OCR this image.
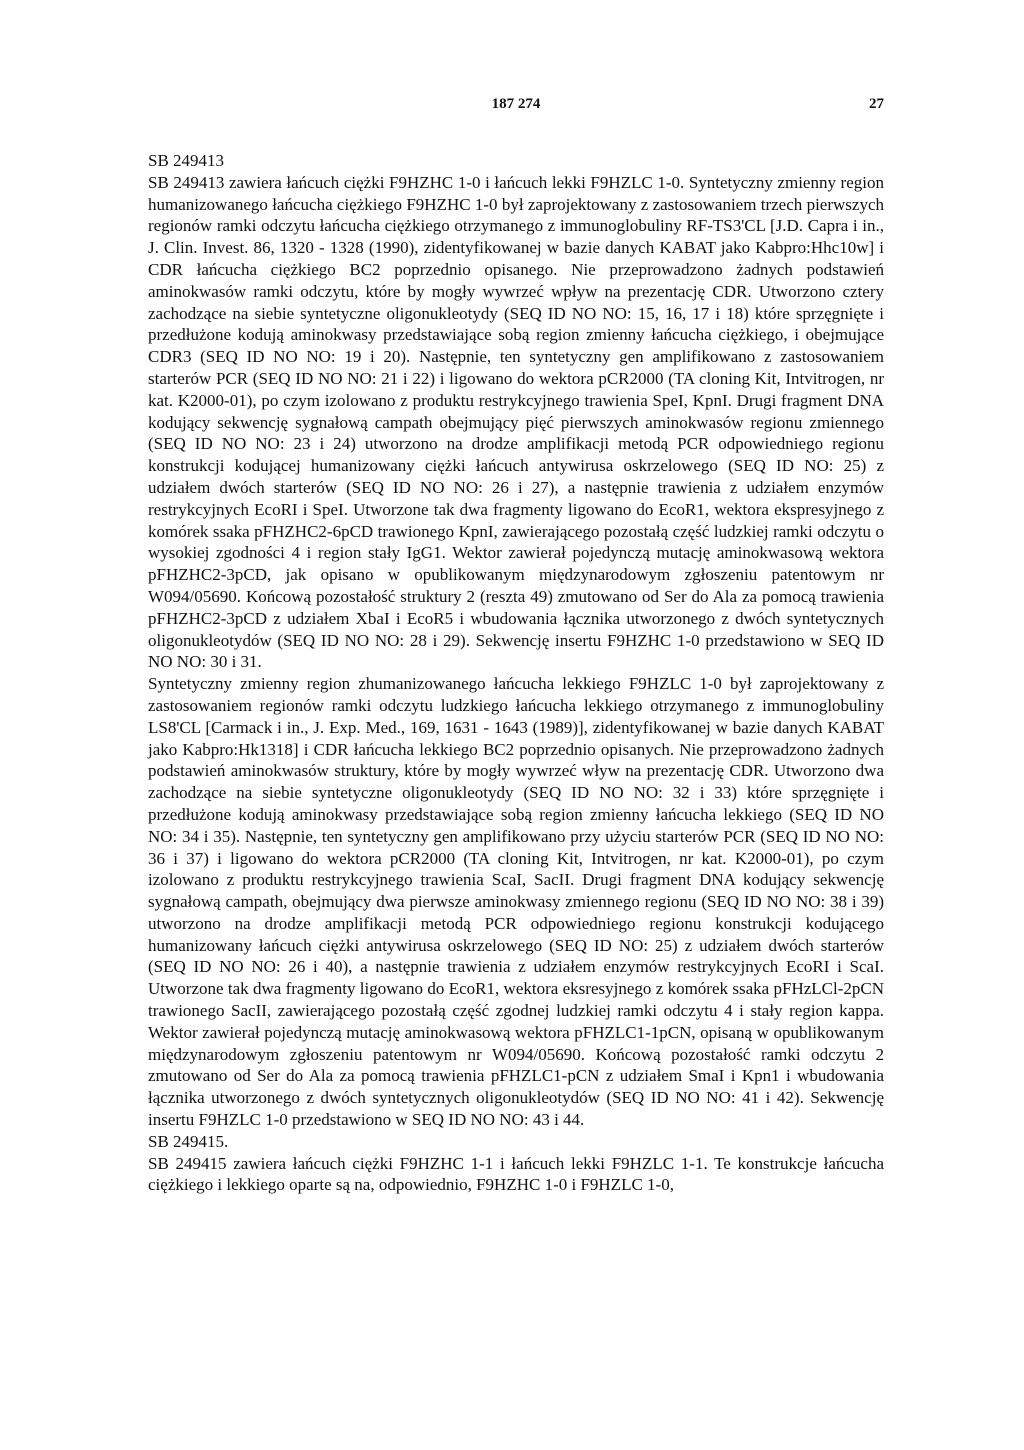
187 274	27

SB 249413

SB 249413 zawiera łańcuch ciężki F9HZHC 1-0 i łańcuch lekki F9HZLC 1-0. Syntetyczny zmienny region humanizowanego łańcucha ciężkiego F9HZHC 1-0 był zaprojektowany z zastosowaniem trzech pierwszych regionów ramki odczytu łańcucha ciężkiego otrzymanego z immunoglobuliny RF-TS3'CL [J.D. Capra i in., J. Clin. Invest. 86, 1320 - 1328 (1990), zidentyfikowanej w bazie danych KABAT jako Kabpro:Hhc10w] i CDR łańcucha ciężkiego BC2 poprzednio opisanego. Nie przeprowadzono żadnych podstawień aminokwasów ramki odczytu, które by mogły wywrzeć wpływ na prezentację CDR. Utworzono cztery zachodzące na siebie syntetyczne oligonukleotydy (SEQ ID NO NO: 15, 16, 17 i 18) które sprzęgnięte i przedłużone kodują aminokwasy przedstawiające sobą region zmienny łańcucha ciężkiego, i obejmujące CDR3 (SEQ ID NO NO: 19 i 20). Następnie, ten syntetyczny gen amplifikowano z zastosowaniem starterów PCR (SEQ ID NO NO: 21 i 22) i ligowano do wektora pCR2000 (TA cloning Kit, Intvitrogen, nr kat. K2000-01), po czym izolowano z produktu restrykcyjnego trawienia SpeI, KpnI. Drugi fragment DNA kodujący sekwencję sygnałową campath obejmujący pięć pierwszych aminokwasów regionu zmiennego (SEQ ID NO NO: 23 i 24) utworzono na drodze amplifikacji metodą PCR odpowiedniego regionu konstrukcji kodującej humanizowany ciężki łańcuch antywirusa oskrzelowego (SEQ ID NO: 25) z udziałem dwóch starterów (SEQ ID NO NO: 26 i 27), a następnie trawienia z udziałem enzymów restrykcyjnych EcoRI i SpeI. Utworzone tak dwa fragmenty ligowano do EcoR1, wektora ekspresyjnego z komórek ssaka pFHZHC2-6pCD trawionego KpnI, zawierającego pozostałą część ludzkiej ramki odczytu o wysokiej zgodności 4 i region stały IgG1. Wektor zawierał pojedynczą mutację aminokwasową wektora pFHZHC2-3pCD, jak opisano w opublikowanym międzynarodowym zgłoszeniu patentowym nr W094/05690. Końcową pozostałość struktury 2 (reszta 49) zmutowano od Ser do Ala za pomocą trawienia pFHZHC2-3pCD z udziałem XbaI i EcoR5 i wbudowania łącznika utworzonego z dwóch syntetycznych oligonukleotydów (SEQ ID NO NO: 28 i 29). Sekwencję insertu F9HZHC 1-0 przedstawiono w SEQ ID NO NO: 30 i 31.

Syntetyczny zmienny region zhumanizowanego łańcucha lekkiego F9HZLC 1-0 był zaprojektowany z zastosowaniem regionów ramki odczytu ludzkiego łańcucha lekkiego otrzymanego z immunoglobuliny LS8'CL [Carmack i in., J. Exp. Med., 169, 1631 - 1643 (1989)], zidentyfikowanej w bazie danych KABAT jako Kabpro:Hk1318] i CDR łańcucha lekkiego BC2 poprzednio opisanych. Nie przeprowadzono żadnych podstawień aminokwasów struktury, które by mogły wywrzeć wływ na prezentację CDR. Utworzono dwa zachodzące na siebie syntetyczne oligonukleotydy (SEQ ID NO NO: 32 i 33) które sprzęgnięte i przedłużone kodują aminokwasy przedstawiające sobą region zmienny łańcucha lekkiego (SEQ ID NO NO: 34 i 35). Następnie, ten syntetyczny gen amplifikowano przy użyciu starterów PCR (SEQ ID NO NO: 36 i 37) i ligowano do wektora pCR2000 (TA cloning Kit, Intvitrogen, nr kat. K2000-01), po czym izolowano z produktu restrykcyjnego trawienia ScaI, SacII. Drugi fragment DNA kodujący sekwencję sygnałową campath, obejmujący dwa pierwsze aminokwasy zmiennego regionu (SEQ ID NO NO: 38 i 39) utworzono na drodze amplifikacji metodą PCR odpowiedniego regionu konstrukcji kodującego humanizowany łańcuch ciężki antywirusa oskrzelowego (SEQ ID NO: 25) z udziałem dwóch starterów (SEQ ID NO NO: 26 i 40), a następnie trawienia z udziałem enzymów restrykcyjnych EcoRI i ScaI. Utworzone tak dwa fragmenty ligowano do EcoR1, wektora eksresyjnego z komórek ssaka pFHzLCl-2pCN trawionego SacII, zawierającego pozostałą część zgodnej ludzkiej ramki odczytu 4 i stały region kappa. Wektor zawierał pojedynczą mutację aminokwasową wektora pFHZLC1-1pCN, opisaną w opublikowanym międzynarodowym zgłoszeniu patentowym nr W094/05690. Końcową pozostałość ramki odczytu 2 zmutowano od Ser do Ala za pomocą trawienia pFHZLC1-pCN z udziałem SmaI i Kpn1 i wbudowania łącznika utworzonego z dwóch syntetycznych oligonukleotydów (SEQ ID NO NO: 41 i 42). Sekwencję insertu F9HZLC 1-0 przedstawiono w SEQ ID NO NO: 43 i 44.

SB 249415.

SB 249415 zawiera łańcuch ciężki F9HZHC 1-1 i łańcuch lekki F9HZLC 1-1. Te konstrukcje łańcucha ciężkiego i lekkiego oparte są na, odpowiednio, F9HZHC 1-0 i F9HZLC 1-0,
